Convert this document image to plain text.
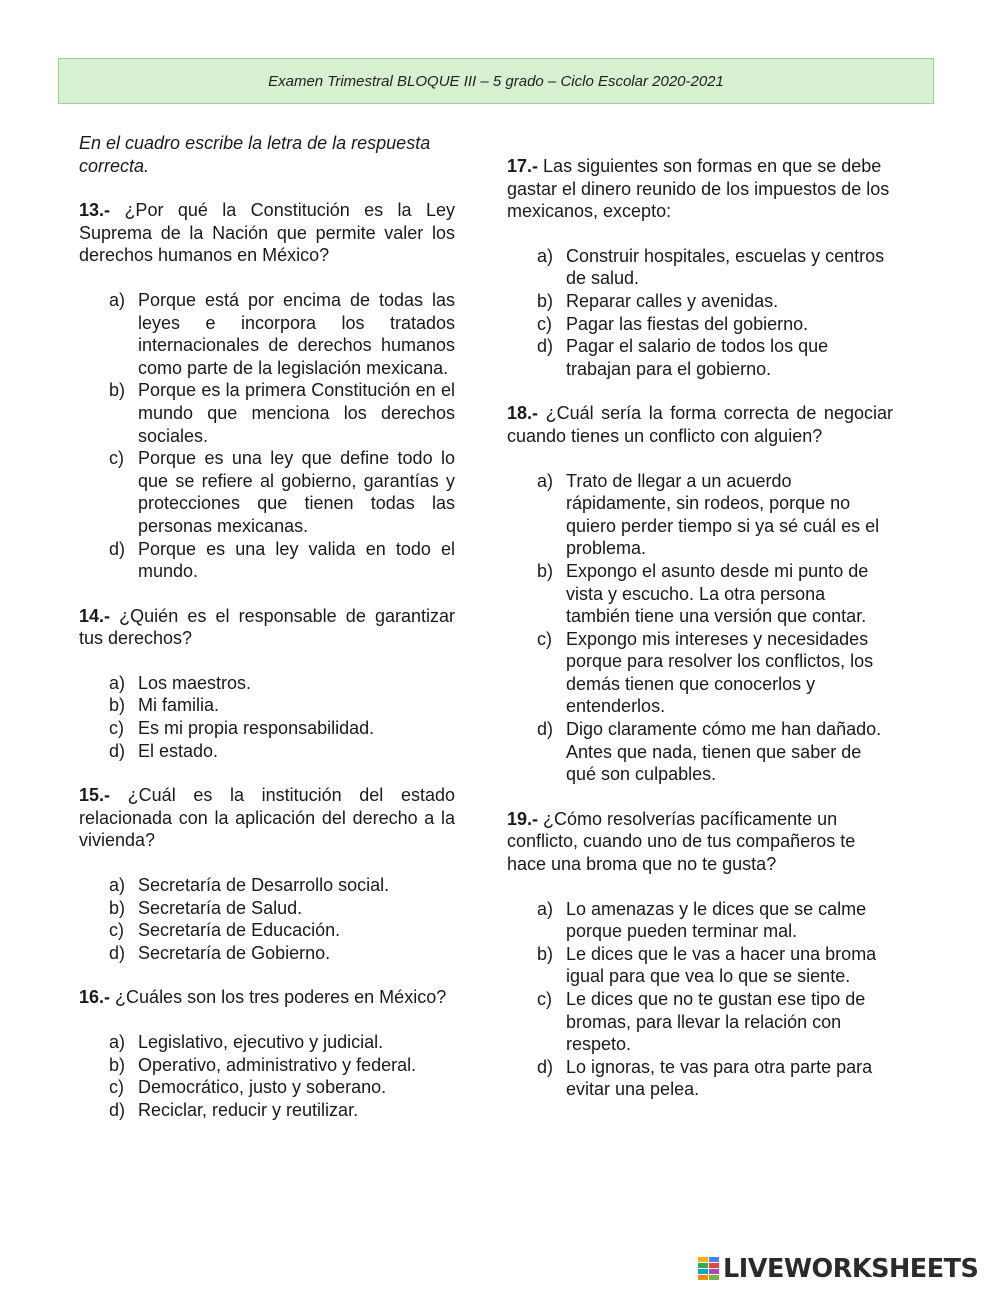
Examen Trimestral BLOQUE III – 5 grado – Ciclo Escolar 2020-2021

En el cuadro escribe la letra de la respuesta correcta.

13.- ¿Por qué la Constitución es la Ley Suprema de la Nación que permite valer los derechos humanos en México?

a) Porque está por encima de todas las leyes e incorpora los tratados internacionales de derechos humanos como parte de la legislación mexicana.
b) Porque es la primera Constitución en el mundo que menciona los derechos sociales.
c) Porque es una ley que define todo lo que se refiere al gobierno, garantías y protecciones que tienen todas las personas mexicanas.
d) Porque es una ley valida en todo el mundo.

14.- ¿Quién es el responsable de garantizar tus derechos?

a) Los maestros.
b) Mi familia.
c) Es mi propia responsabilidad.
d) El estado.

15.- ¿Cuál es la institución del estado relacionada con la aplicación del derecho a la vivienda?

a) Secretaría de Desarrollo social.
b) Secretaría de Salud.
c) Secretaría de Educación.
d) Secretaría de Gobierno.

16.- ¿Cuáles son los tres poderes en México?

a) Legislativo, ejecutivo y judicial.
b) Operativo, administrativo y federal.
c) Democrático, justo y soberano.
d) Reciclar, reducir y reutilizar.

17.- Las siguientes son formas en que se debe gastar el dinero reunido de los impuestos de los mexicanos, excepto:

a) Construir hospitales, escuelas y centros de salud.
b) Reparar calles y avenidas.
c) Pagar las fiestas del gobierno.
d) Pagar el salario de todos los que trabajan para el gobierno.

18.- ¿Cuál sería la forma correcta de negociar cuando tienes un conflicto con alguien?

a) Trato de llegar a un acuerdo rápidamente, sin rodeos, porque no quiero perder tiempo si ya sé cuál es el problema.
b) Expongo el asunto desde mi punto de vista y escucho. La otra persona también tiene una versión que contar.
c) Expongo mis intereses y necesidades porque para resolver los conflictos, los demás tienen que conocerlos y entenderlos.
d) Digo claramente cómo me han dañado. Antes que nada, tienen que saber de qué son culpables.

19.- ¿Cómo resolverías pacíficamente un conflicto, cuando uno de tus compañeros te hace una broma que no te gusta?

a) Lo amenazas y le dices que se calme porque pueden terminar mal.
b) Le dices que le vas a hacer una broma igual para que vea lo que se siente.
c) Le dices que no te gustan ese tipo de bromas, para llevar la relación con respeto.
d) Lo ignoras, te vas para otra parte para evitar una pelea.
LIVEWORKSHEETS
